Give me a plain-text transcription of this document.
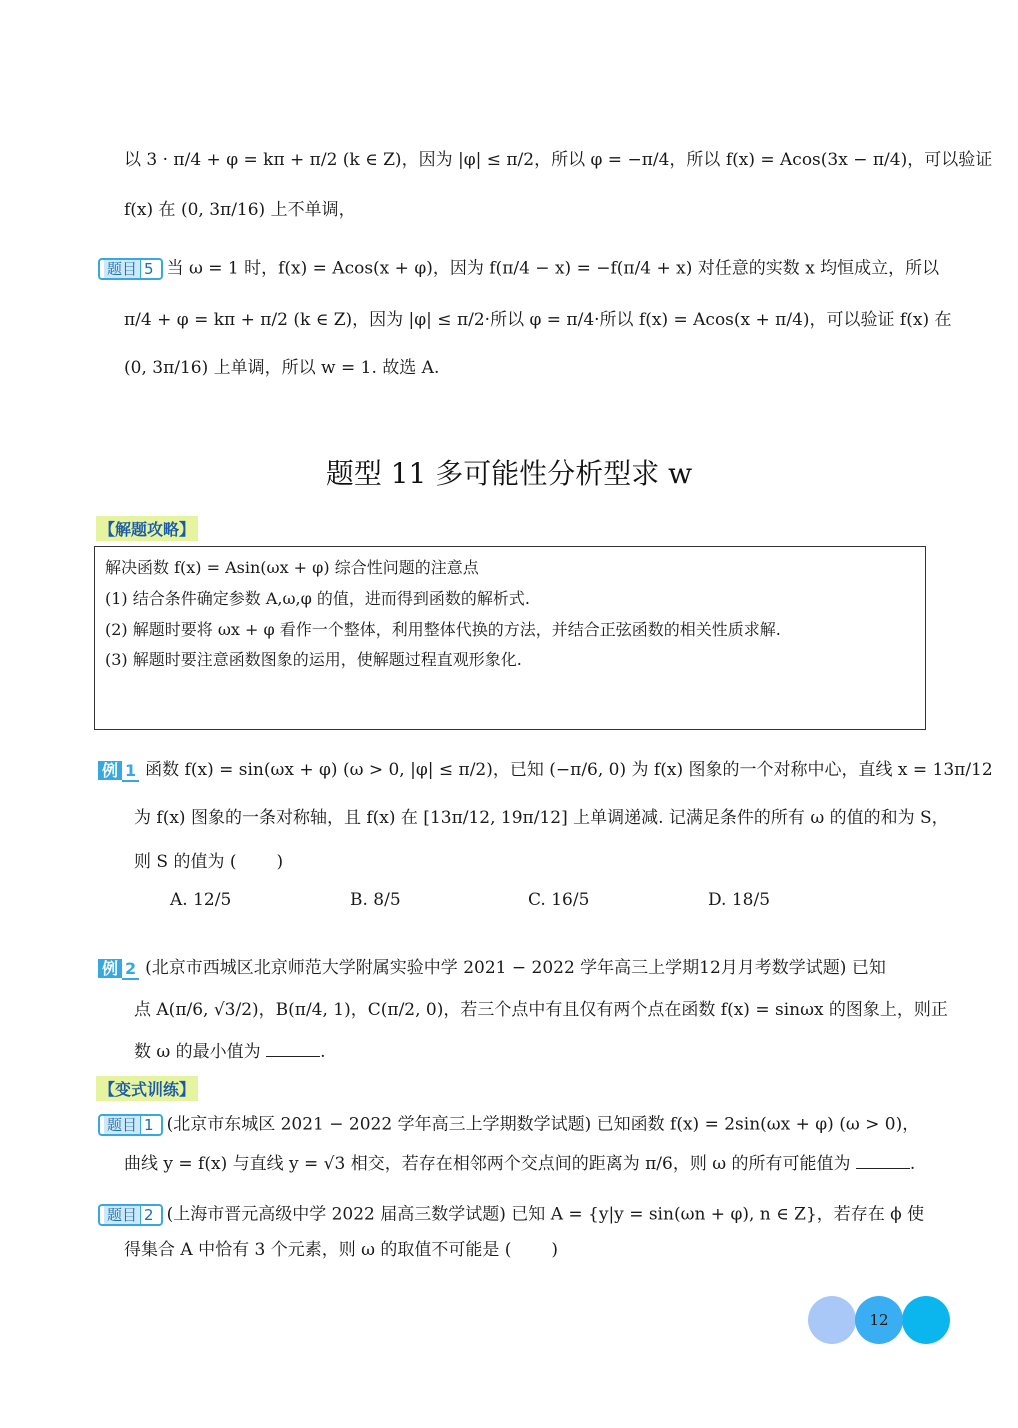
以 3 · π/4 + φ = kπ + π/2 (k ∈ Z)，因为 |φ| ≤ π/2，所以 φ = −π/4，所以 f(x) = Acos(3x − π/4)，可以验证
f(x) 在 (0, 3π/16) 上不单调，
题目 5 当 ω = 1 时，f(x) = Acos(x + φ)，因为 f(π/4 − x) = −f(π/4 + x) 对任意的实数 x 均恒成立，所以
π/4 + φ = kπ + π/2 (k ∈ Z)，因为 |φ| ≤ π/2·所以 φ = π/4·所以 f(x) = Acos(x + π/4)，可以验证 f(x) 在
(0, 3π/16) 上单调，所以 w = 1. 故选 A.
题型 11 多可能性分析型求 w
【解题攻略】
解决函数 f(x) = Asin(ωx + φ) 综合性问题的注意点
(1) 结合条件确定参数 A,ω,φ 的值，进而得到函数的解析式.
(2) 解题时要将 ωx + φ 看作一个整体，利用整体代换的方法，并结合正弦函数的相关性质求解.
(3) 解题时要注意函数图象的运用，使解题过程直观形象化.
例 1 函数 f(x) = sin(ωx + φ) (ω > 0, |φ| ≤ π/2)，已知 (−π/6, 0) 为 f(x) 图象的一个对称中心，直线 x = 13π/12
为 f(x) 图象的一条对称轴，且 f(x) 在 [13π/12, 19π/12] 上单调递减. 记满足条件的所有 ω 的值的和为 S，
则 S 的值为 ( )
A. 12/5	B. 8/5	C. 16/5	D. 18/5
例 2 (北京市西城区北京师范大学附属实验中学 2021 − 2022 学年高三上学期12月月考数学试题) 已知
点 A(π/6, √3/2)，B(π/4, 1)，C(π/2, 0)，若三个点中有且仅有两个点在函数 f(x) = sinωx 的图象上，则正
数 ω 的最小值为	.
【变式训练】
题目 1 (北京市东城区 2021 − 2022 学年高三上学期数学试题) 已知函数 f(x) = 2sin(ωx + φ) (ω > 0)，
曲线 y = f(x) 与直线 y = √3 相交，若存在相邻两个交点间的距离为 π/6，则 ω 的所有可能值为	.
题目 2 (上海市晋元高级中学 2022 届高三数学试题) 已知 A = {y|y = sin(ωn + φ), n ∈ Z}，若存在 ϕ 使
得集合 A 中恰有 3 个元素，则 ω 的取值不可能是 ( )
12
